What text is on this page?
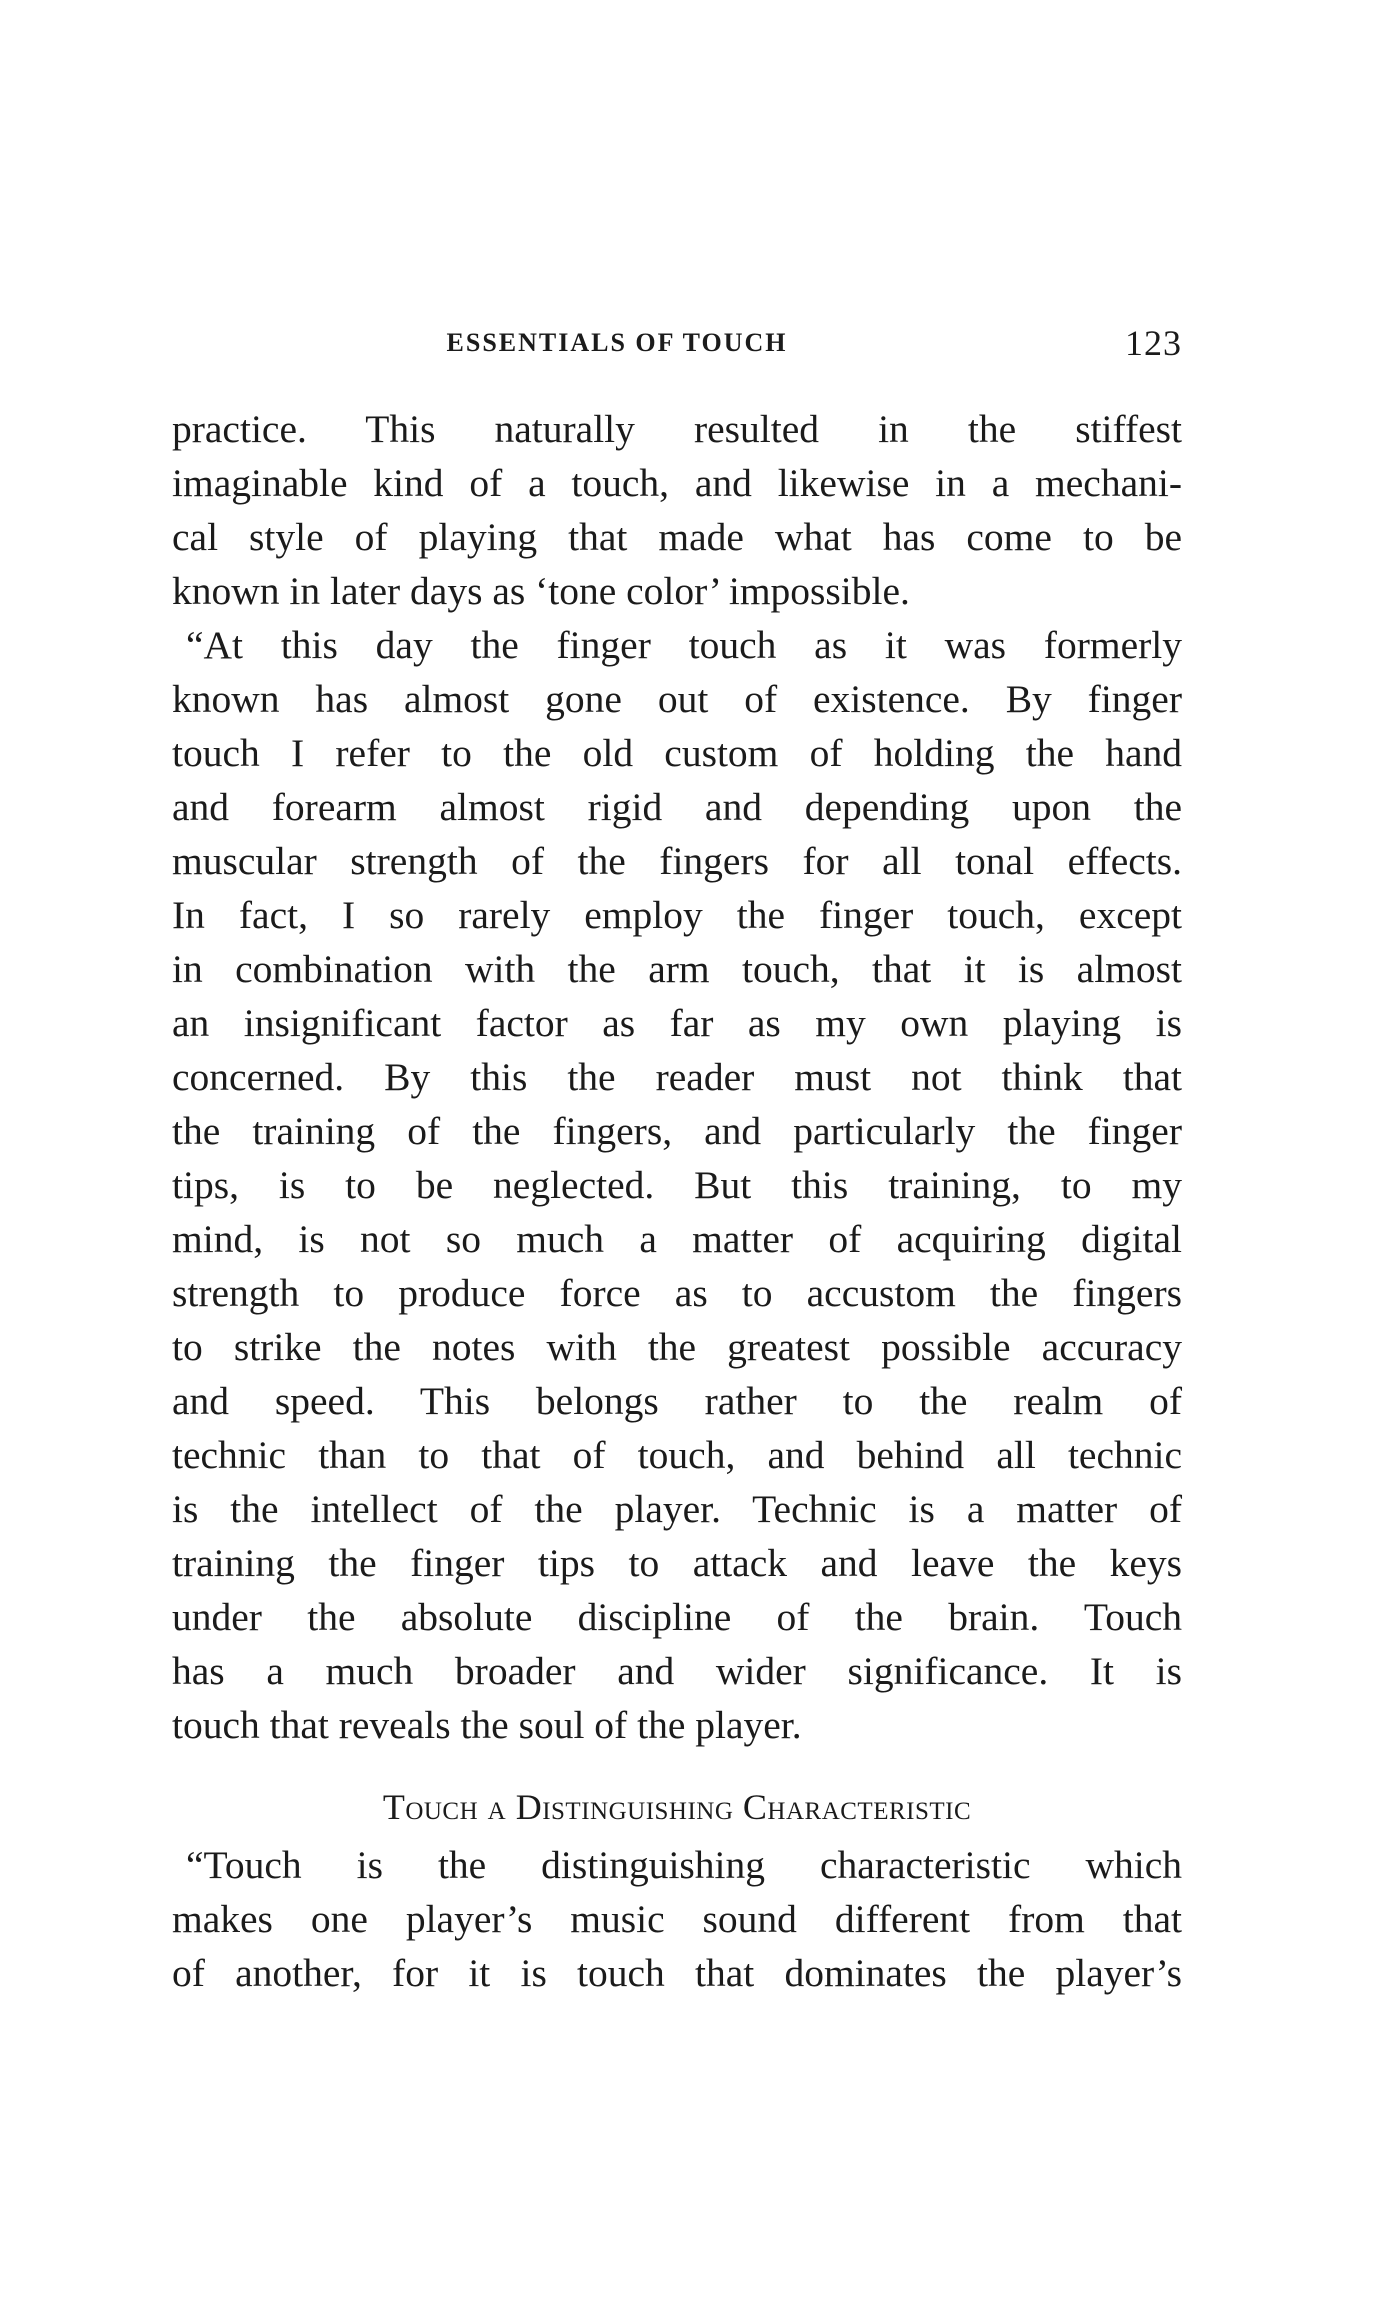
ESSENTIALS OF TOUCH	123
practice. This naturally resulted in the stiffest
imaginable kind of a touch, and likewise in a mechani-
cal style of playing that made what has come to be
known in later days as ‘tone color’ impossible.
“At this day the finger touch as it was formerly
known has almost gone out of existence. By finger
touch I refer to the old custom of holding the hand
and forearm almost rigid and depending upon the
muscular strength of the fingers for all tonal effects.
In fact, I so rarely employ the finger touch, except
in combination with the arm touch, that it is almost
an insignificant factor as far as my own playing is
concerned. By this the reader must not think that
the training of the fingers, and particularly the finger
tips, is to be neglected. But this training, to my
mind, is not so much a matter of acquiring digital
strength to produce force as to accustom the fingers
to strike the notes with the greatest possible accuracy
and speed. This belongs rather to the realm of
technic than to that of touch, and behind all technic
is the intellect of the player. Technic is a matter of
training the finger tips to attack and leave the keys
under the absolute discipline of the brain. Touch
has a much broader and wider significance. It is
touch that reveals the soul of the player.
Touch a Distinguishing Characteristic
“Touch is the distinguishing characteristic which
makes one player’s music sound different from that
of another, for it is touch that dominates the player’s
